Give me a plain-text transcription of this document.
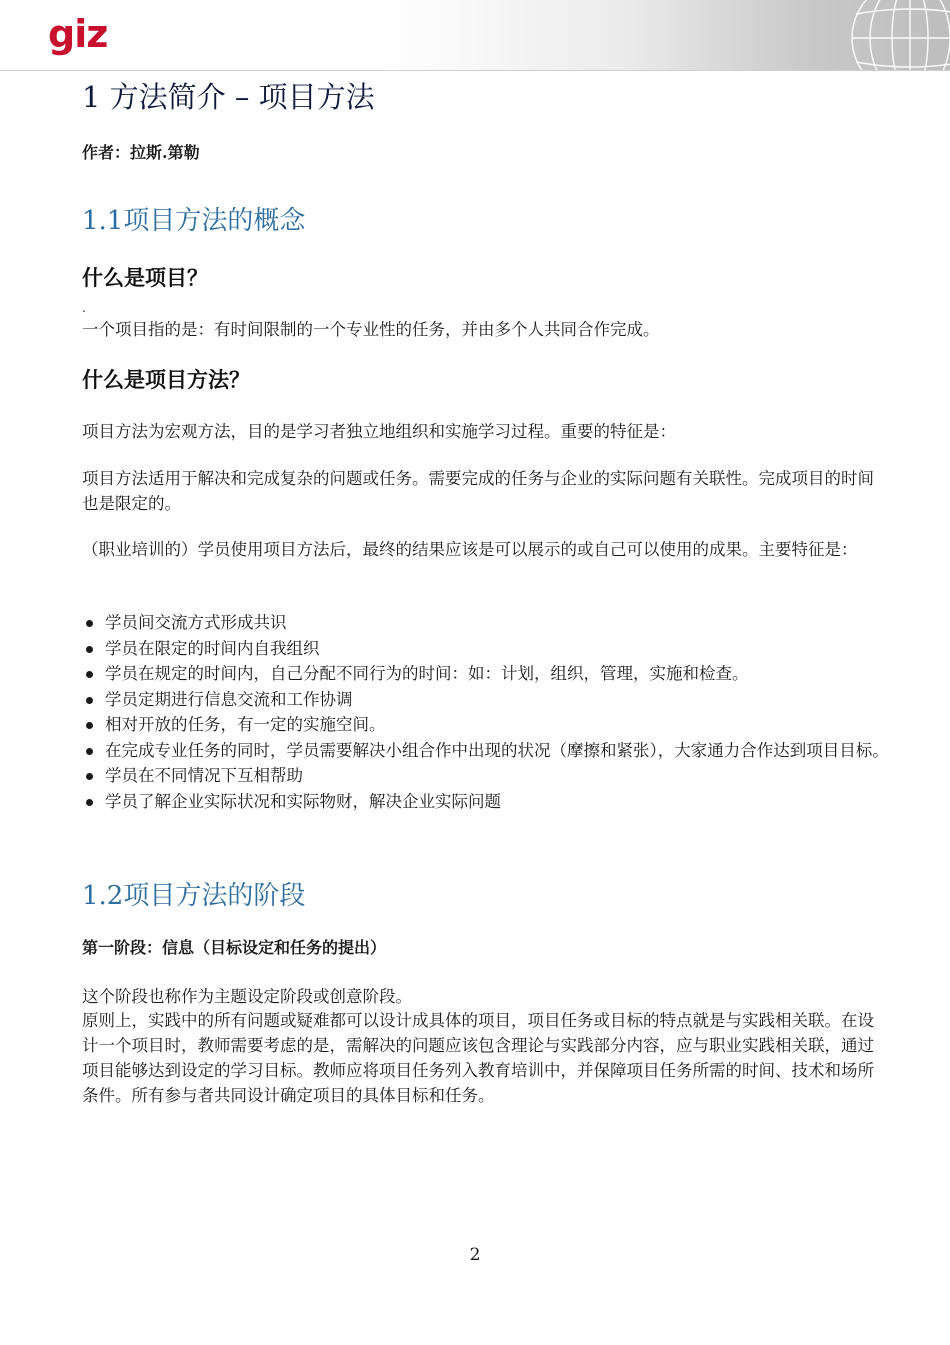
giz
1 方法简介 – 项目方法
作者：拉斯.第勒
1.1项目方法的概念
什么是项目？
.

一个项目指的是：有时间限制的一个专业性的任务，并由多个人共同合作完成。

什么是项目方法？

项目方法为宏观方法，目的是学习者独立地组织和实施学习过程。重要的特征是：

项目方法适用于解决和完成复杂的问题或任务。需要完成的任务与企业的实际问题有关联性。完成项目的时间也是限定的。

（职业培训的）学员使用项目方法后，最终的结果应该是可以展示的或自己可以使用的成果。主要特征是：

学员间交流方式形成共识
学员在限定的时间内自我组织
学员在规定的时间内，自己分配不同行为的时间：如：计划，组织，管理，实施和检查。
学员定期进行信息交流和工作协调
相对开放的任务，有一定的实施空间。
在完成专业任务的同时，学员需要解决小组合作中出现的状况（摩擦和紧张），大家通力合作达到项目目标。
学员在不同情况下互相帮助
学员了解企业实际状况和实际物财，解决企业实际问题
1.2项目方法的阶段
第一阶段：信息（目标设定和任务的提出）

这个阶段也称作为主题设定阶段或创意阶段。

原则上，实践中的所有问题或疑难都可以设计成具体的项目，项目任务或目标的特点就是与实践相关联。在设计一个项目时，教师需要考虑的是，需解决的问题应该包含理论与实践部分内容，应与职业实践相关联，通过项目能够达到设定的学习目标。教师应将项目任务列入教育培训中，并保障项目任务所需的时间、技术和场所条件。所有参与者共同设计确定项目的具体目标和任务。

2
